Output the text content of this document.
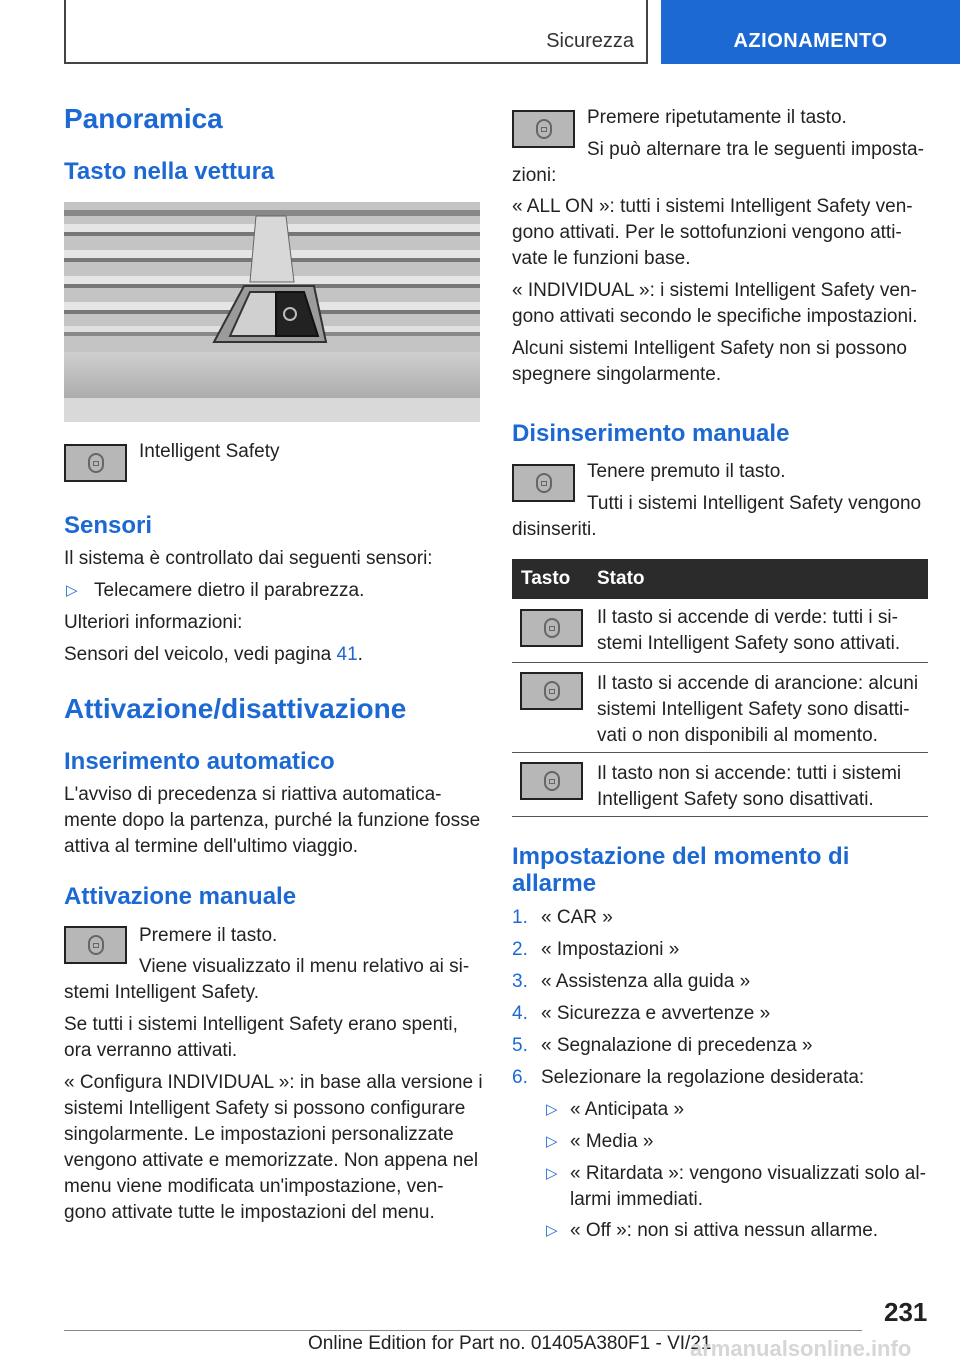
Sicurezza	AZIONAMENTO
Panoramica
Tasto nella vettura
Intelligent Safety
Sensori
Il sistema è controllato dai seguenti sensori:
▷ Telecamere dietro il parabrezza.
Ulteriori informazioni:
Sensori del veicolo, vedi pagina 41.
Attivazione/disattivazione
Inserimento automatico
L'avviso di precedenza si riattiva automatica-
mente dopo la partenza, purché la funzione fosse
attiva al termine dell'ultimo viaggio.
Attivazione manuale
Premere il tasto.
Viene visualizzato il menu relativo ai si-
stemi Intelligent Safety.
Se tutti i sistemi Intelligent Safety erano spenti,
ora verranno attivati.
« Configura INDIVIDUAL »: in base alla versione i
sistemi Intelligent Safety si possono configurare
singolarmente. Le impostazioni personalizzate
vengono attivate e memorizzate. Non appena nel
menu viene modificata un'impostazione, ven-
gono attivate tutte le impostazioni del menu.
Premere ripetutamente il tasto.
Si può alternare tra le seguenti imposta-
zioni:
« ALL ON »: tutti i sistemi Intelligent Safety ven-
gono attivati. Per le sottofunzioni vengono atti-
vate le funzioni base.
« INDIVIDUAL »: i sistemi Intelligent Safety ven-
gono attivati secondo le specifiche impostazioni.
Alcuni sistemi Intelligent Safety non si possono
spegnere singolarmente.
Disinserimento manuale
Tenere premuto il tasto.
Tutti i sistemi Intelligent Safety vengono
disinseriti.
Tasto Stato
Il tasto si accende di verde: tutti i si-
stemi Intelligent Safety sono attivati.
Il tasto si accende di arancione: alcuni
sistemi Intelligent Safety sono disatti-
vati o non disponibili al momento.
Il tasto non si accende: tutti i sistemi
Intelligent Safety sono disattivati.
Impostazione del momento di
allarme
1. « CAR »
2. « Impostazioni »
3. « Assistenza alla guida »
4. « Sicurezza e avvertenze »
5. « Segnalazione di precedenza »
6. Selezionare la regolazione desiderata:
▷ « Anticipata »
▷ « Media »
▷ « Ritardata »: vengono visualizzati solo al-
larmi immediati.
▷ « Off »: non si attiva nessun allarme.
231
Online Edition for Part no. 01405A380F1 - VI/21
armanualsonline.info
